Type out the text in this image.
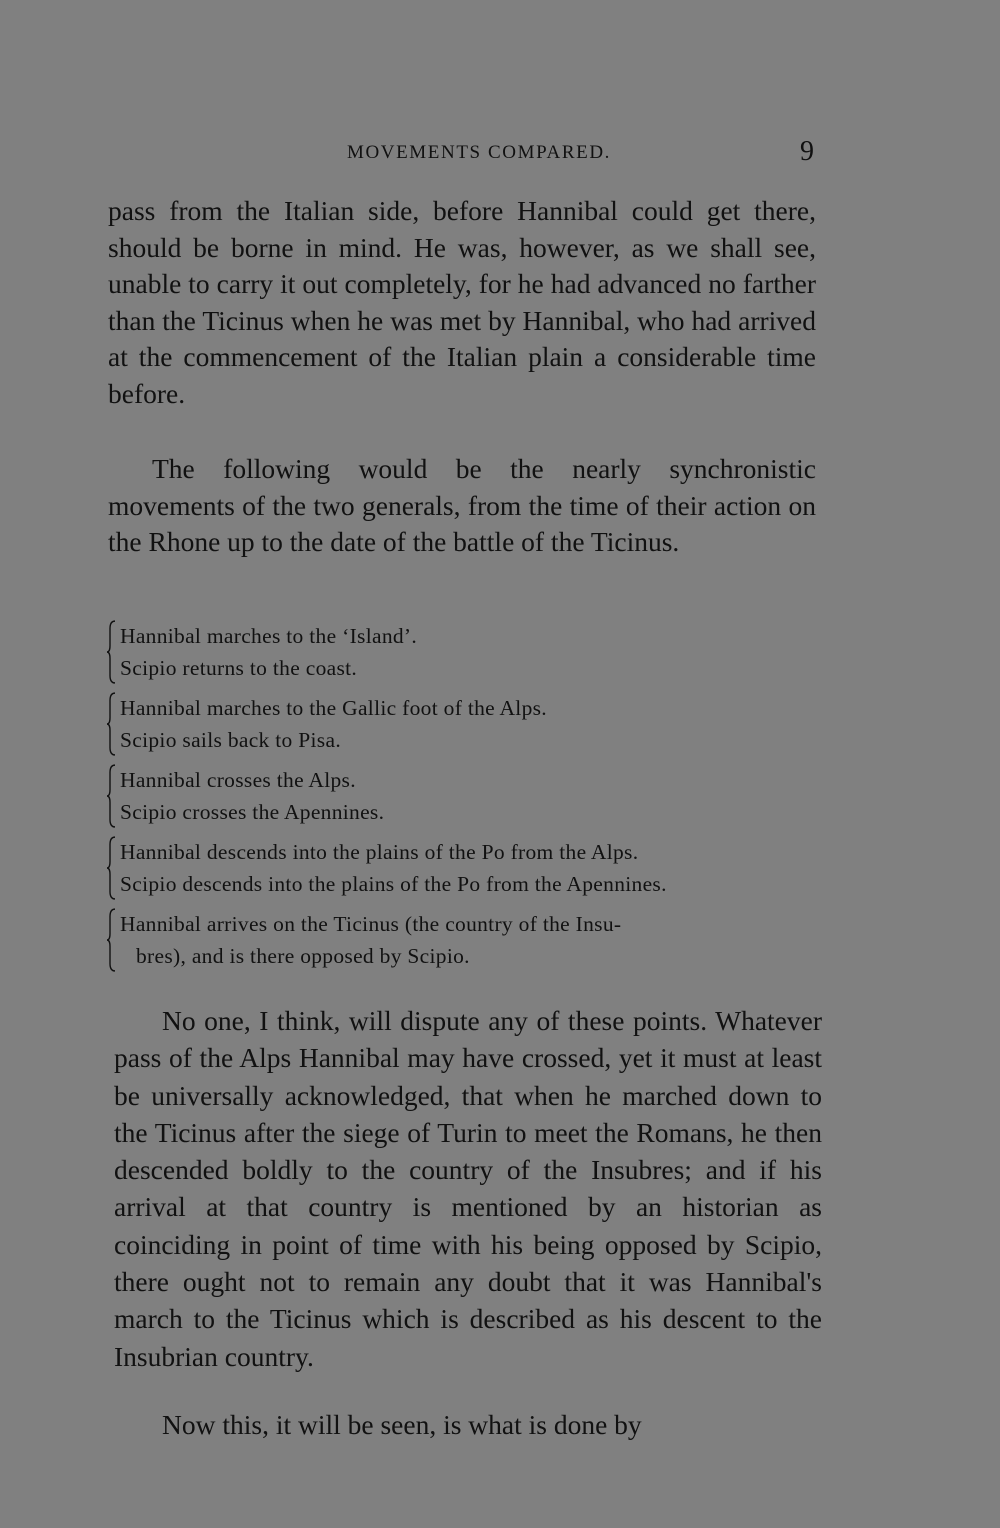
MOVEMENTS COMPARED.	9

pass from the Italian side, before Hannibal could get there, should be borne in mind. He was, however, as we shall see, unable to carry it out completely, for he had advanced no farther than the Ticinus when he was met by Hannibal, who had arrived at the commencement of the Italian plain a considerable time before.

The following would be the nearly synchronistic movements of the two generals, from the time of their action on the Rhone up to the date of the battle of the Ticinus.

Hannibal marches to the ‘Island’.
Scipio returns to the coast.
Hannibal marches to the Gallic foot of the Alps.
Scipio sails back to Pisa.
Hannibal crosses the Alps.
Scipio crosses the Apennines.
Hannibal descends into the plains of the Po from the Alps.
Scipio descends into the plains of the Po from the Apennines.
Hannibal arrives on the Ticinus (the country of the Insu-
bres), and is there opposed by Scipio.

No one, I think, will dispute any of these points. Whatever pass of the Alps Hannibal may have crossed, yet it must at least be universally acknowledged, that when he marched down to the Ticinus after the siege of Turin to meet the Romans, he then descended boldly to the country of the Insubres; and if his arrival at that country is mentioned by an historian as coinciding in point of time with his being opposed by Scipio, there ought not to remain any doubt that it was Hannibal's march to the Ticinus which is described as his descent to the Insubrian country.

Now this, it will be seen, is what is done by
